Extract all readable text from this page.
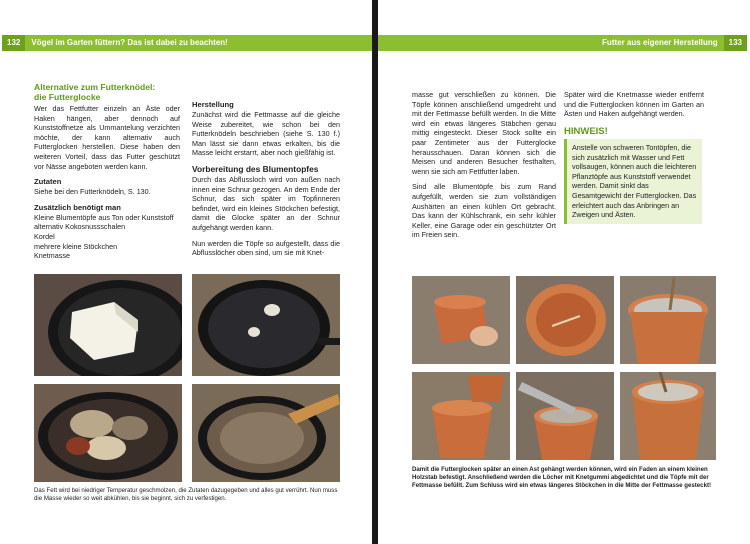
132 Vögel im Garten füttern? Das ist dabei zu beachten!
Alternative zum Futterknödel:
die Futterglocke

Wer das Fettfutter einzeln an Äste oder Haken hängen, aber dennoch auf Kunststoffnetze als Ummantelung verzichten möchte, der kann alternativ auch Futterglocken herstellen. Diese haben den weiteren Vorteil, dass das Futter geschützt vor Nässe angeboten werden kann.

Zutaten

Siehe bei den Futterknödeln, S. 130.

Zusätzlich benötigt man
Kleine Blumentöpfe aus Ton oder Kunststoff
alternativ Kokosnussschalen
Kordel
mehrere kleine Stöckchen
Knetmasse
Herstellung

Zunächst wird die Fettmasse auf die gleiche Weise zubereitet, wie schon bei den Futterknödeln beschrieben (siehe S. 130 f.) Man lässt sie dann etwas erkalten, bis die Masse leicht erstarrt, aber noch gießfähig ist.

Vorbereitung des Blumentopfes

Durch das Abflussloch wird von außen nach innen eine Schnur gezogen. An dem Ende der Schnur, das sich später im Topfinneren befindet, wird ein kleines Stöckchen befestigt, damit die Glocke später an der Schnur aufgehängt werden kann.

Nun werden die Töpfe so aufgestellt, dass die Abflusslöcher oben sind, um sie mit Knet-

Das Fett wird bei niedriger Temperatur geschmolzen, die Zutaten dazugegeben und alles gut verrührt. Nun muss die Masse wieder so weit abkühlen, bis sie beginnt, sich zu verfestigen.
Futter aus eigener Herstellung 133

masse gut verschließen zu können. Die Töpfe können anschließend umgedreht und mit der Fettmasse befüllt werden. In die Mitte wird ein etwas längeres Stäbchen genau mittig eingesteckt. Dieser Stock sollte ein paar Zentimeter aus der Futterglocke herausschauen. Daran können sich die Meisen und anderen Besucher festhalten, wenn sie sich am Fettfutter laben.

Sind alle Blumentöpfe bis zum Rand aufgefüllt, werden sie zum vollständigen Aushärten an einen kühlen Ort gebracht. Das kann der Kühlschrank, ein sehr kühler Keller, eine Garage oder ein geschützter Ort im Freien sein.

Später wird die Knetmasse wieder entfernt und die Futterglocken können im Garten an Ästen und Haken aufgehängt werden.

HINWEIS!
Anstelle von schweren Tontöpfen, die sich zusätzlich mit Wasser und Fett vollsaugen, können auch die leichteren Pflanztöpfe aus Kunststoff verwendet werden. Damit sinkt das Gesamtgewicht der Futterglocken. Das erleichtert auch das Anbringen an Zweigen und Ästen.
Damit die Futterglocken später an einen Ast gehängt werden können, wird ein Faden an einem kleinen Holzstab befestigt. Anschließend werden die Löcher mit Knetgummi abgedichtet und die Töpfe mit der Fettmasse befüllt. Zum Schluss wird ein etwas längeres Stöckchen in die Mitte der Fettmasse gesteckt!
